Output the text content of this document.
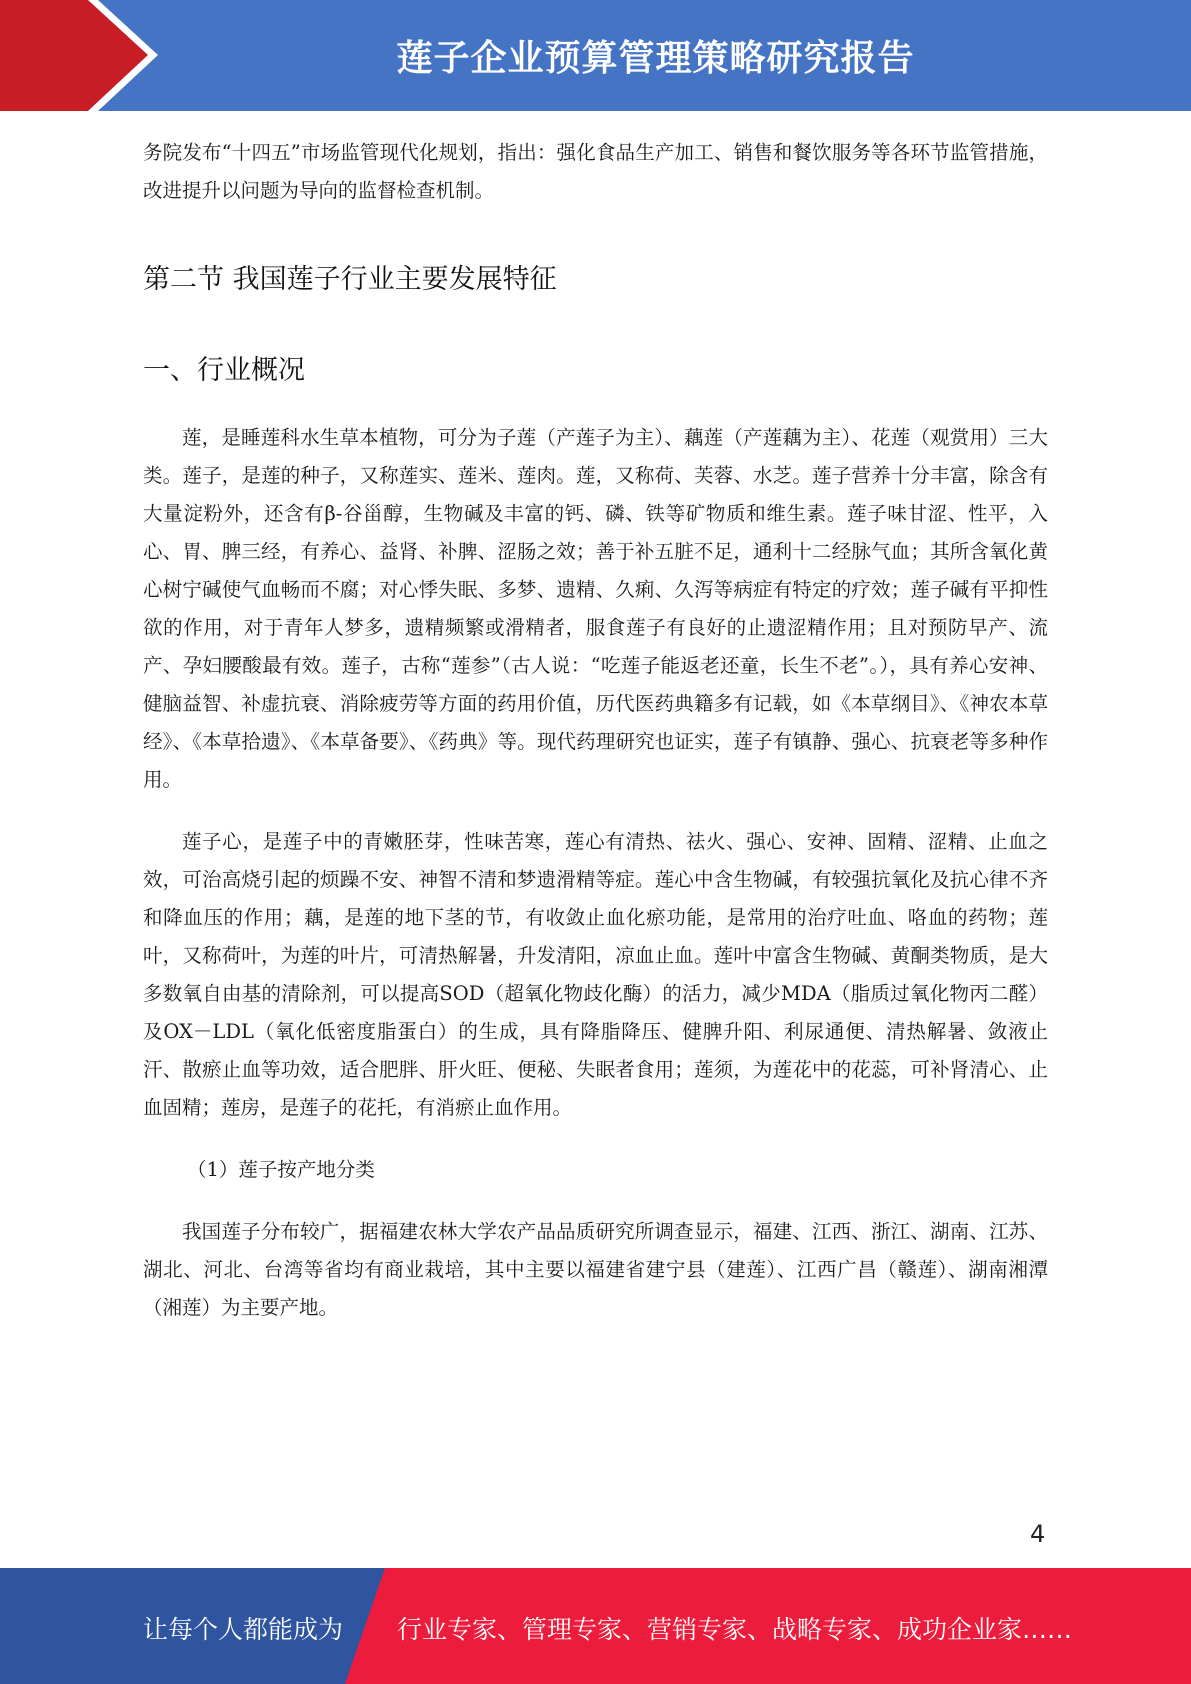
莲子企业预算管理策略研究报告

务院发布“十四五”市场监管现代化规划，指出：强化食品生产加工、销售和餐饮服务等各环节监管措施，改进提升以问题为导向的监督检查机制。

第二节 我国莲子行业主要发展特征
一、行业概况

莲，是睡莲科水生草本植物，可分为子莲（产莲子为主）、藕莲（产莲藕为主）、花莲（观赏用）三大类。莲子，是莲的种子，又称莲实、莲米、莲肉。莲，又称荷、芙蓉、水芝。莲子营养十分丰富，除含有大量淀粉外，还含有β-谷甾醇，生物碱及丰富的钙、磷、铁等矿物质和维生素。莲子味甘涩、性平，入心、胃、脾三经，有养心、益肾、补脾、涩肠之效；善于补五脏不足，通利十二经脉气血；其所含氧化黄心树宁碱使气血畅而不腐；对心悸失眠、多梦、遗精、久痢、久泻等病症有特定的疗效；莲子碱有平抑性欲的作用，对于青年人梦多，遗精频繁或滑精者，服食莲子有良好的止遗涩精作用；且对预防早产、流产、孕妇腰酸最有效。莲子，古称“莲参”（古人说：“吃莲子能返老还童，长生不老”。），具有养心安神、健脑益智、补虚抗衰、消除疲劳等方面的药用价值，历代医药典籍多有记载，如《本草纲目》、《神农本草经》、《本草拾遗》、《本草备要》、《药典》等。现代药理研究也证实，莲子有镇静、强心、抗衰老等多种作用。

莲子心，是莲子中的青嫩胚芽，性味苦寒，莲心有清热、祛火、强心、安神、固精、涩精、止血之效，可治高烧引起的烦躁不安、神智不清和梦遗滑精等症。莲心中含生物碱，有较强抗氧化及抗心律不齐和降血压的作用；藕，是莲的地下茎的节，有收敛止血化瘀功能，是常用的治疗吐血、咯血的药物；莲叶，又称荷叶，为莲的叶片，可清热解暑，升发清阳，凉血止血。莲叶中富含生物碱、黄酮类物质，是大多数氧自由基的清除剂，可以提高SOD（超氧化物歧化酶）的活力，减少MDA（脂质过氧化物丙二醛）及OX－LDL（氧化低密度脂蛋白）的生成，具有降脂降压、健脾升阳、利尿通便、清热解暑、敛液止汗、散瘀止血等功效，适合肥胖、肝火旺、便秘、失眠者食用；莲须，为莲花中的花蕊，可补肾清心、止血固精；莲房，是莲子的花托，有消瘀止血作用。

（1）莲子按产地分类

我国莲子分布较广，据福建农林大学农产品品质研究所调查显示，福建、江西、浙江、湖南、江苏、湖北、河北、台湾等省均有商业栽培，其中主要以福建省建宁县（建莲）、江西广昌（赣莲）、湖南湘潭（湘莲）为主要产地。

4
让每个人都能成为 行业专家、管理专家、营销专家、战略专家、成功企业家……
